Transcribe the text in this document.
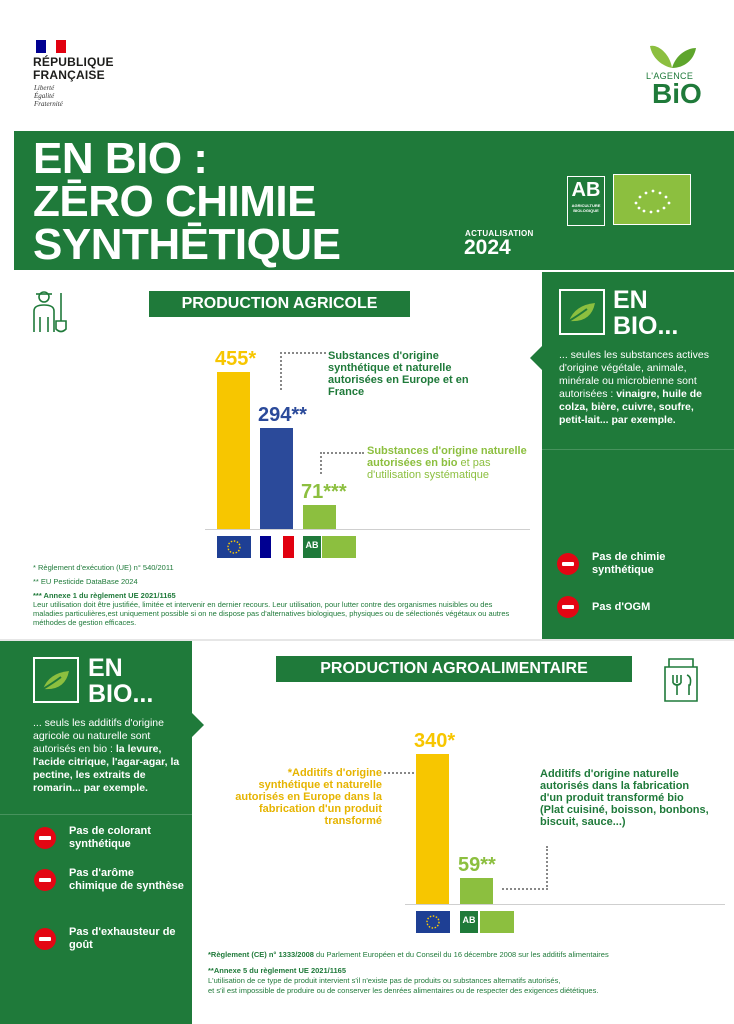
RÉPUBLIQUE
FRANÇAISE
Liberté
Égalité
Fraternité
L'AGENCE
BiO
EN BIO :
ZĒRO CHIMIE
SYNTHĒTIQUE	ACTUALISATION
2024
AB
AGRICULTURE BIOLOGIQUE
PRODUCTION AGRICOLE
455*
294**
71***
Substances d'origine synthétique et naturelle autorisées en Europe et en France
Substances d'origine naturelle autorisées en bio et pas d'utilisation systématique
AB
* Règlement d'exécution (UE) n° 540/2011
** EU Pesticide DataBase 2024
*** Annexe 1 du règlement UE 2021/1165
Leur utilisation doit être justifiée, limitée et intervenir en dernier recours. Leur utilisation, pour lutter contre des organismes nuisibles ou des maladies particulières,est uniquement possible si on ne dispose pas d'alternatives biologiques, physiques ou de sélectionés végétaux ou autres méthodes de gestion efficaces.
EN
BIO...
... seules les substances actives d'origine végétale, animale, minérale ou microbienne sont autorisées : vinaigre, huile de colza, bière, cuivre, soufre, petit-lait... par exemple.
Pas de chimie synthétique
Pas d'OGM
EN
BIO...
... seuls les additifs d'origine agricole ou naturelle sont autorisés en bio : la levure, l'acide citrique, l'agar-agar, la pectine, les extraits de romarin... par exemple.
Pas de colorant synthétique
Pas d'arôme chimique de synthèse
Pas d'exhausteur de goût
PRODUCTION AGROALIMENTAIRE
340*
59**
*Additifs d'origine synthétique et naturelle autorisés en Europe dans la fabrication d'un produit transformé
Additifs d'origine naturelle autorisés dans la fabrication d'un produit transformé bio (Plat cuisiné, boisson, bonbons, biscuit, sauce...)
AB
*Règlement (CE) n° 1333/2008 du Parlement Européen et du Conseil du 16 décembre 2008 sur les additifs alimentaires
**Annexe 5 du règlement UE 2021/1165
L'utilisation de ce type de produit intervient s'il n'existe pas de produits ou substances alternatifs autorisés,
et s'il est impossible de produire ou de conserver les denrées alimentaires ou de respecter des exigences diététiques.
